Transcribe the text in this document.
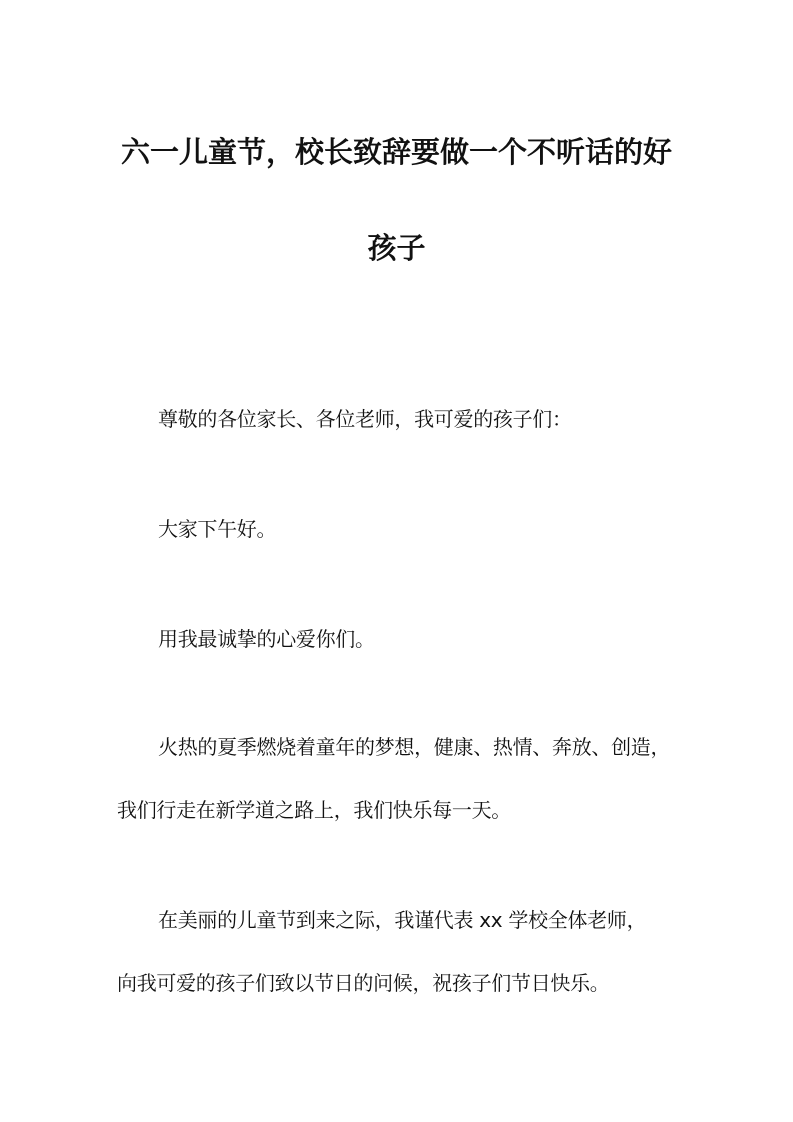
六一儿童节，校长致辞要做一个不听话的好
孩子
尊敬的各位家长、各位老师，我可爱的孩子们：
大家下午好。
用我最诚挚的心爱你们。
火热的夏季燃烧着童年的梦想，健康、热情、奔放、创造，
我们行走在新学道之路上，我们快乐每一天。
在美丽的儿童节到来之际，我谨代表 xx 学校全体老师，
向我可爱的孩子们致以节日的问候，祝孩子们节日快乐。
